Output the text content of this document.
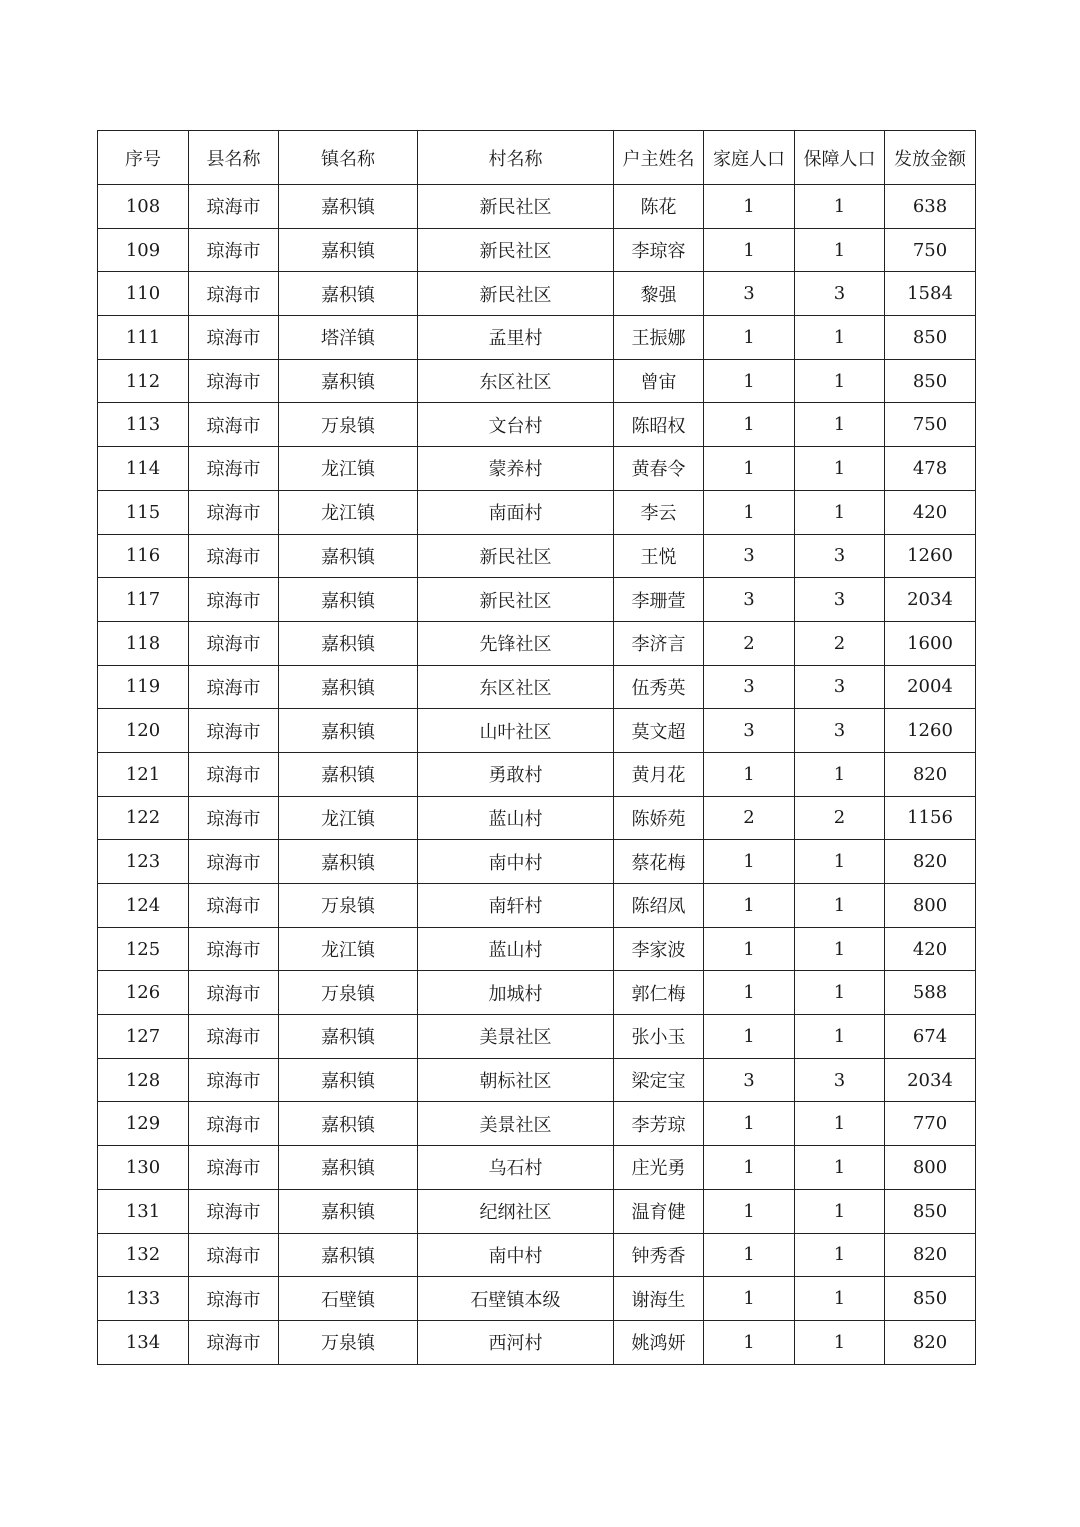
序号	县名称	镇名称	村名称	户主姓名	家庭人口	保障人口	发放金额
108	琼海市	嘉积镇	新民社区	陈花	1	1	638
109	琼海市	嘉积镇	新民社区	李琼容	1	1	750
110	琼海市	嘉积镇	新民社区	黎强	3	3	1584
111	琼海市	塔洋镇	孟里村	王振娜	1	1	850
112	琼海市	嘉积镇	东区社区	曾宙	1	1	850
113	琼海市	万泉镇	文台村	陈昭权	1	1	750
114	琼海市	龙江镇	蒙养村	黄春令	1	1	478
115	琼海市	龙江镇	南面村	李云	1	1	420
116	琼海市	嘉积镇	新民社区	王悦	3	3	1260
117	琼海市	嘉积镇	新民社区	李珊萱	3	3	2034
118	琼海市	嘉积镇	先锋社区	李济言	2	2	1600
119	琼海市	嘉积镇	东区社区	伍秀英	3	3	2004
120	琼海市	嘉积镇	山叶社区	莫文超	3	3	1260
121	琼海市	嘉积镇	勇敢村	黄月花	1	1	820
122	琼海市	龙江镇	蓝山村	陈娇苑	2	2	1156
123	琼海市	嘉积镇	南中村	蔡花梅	1	1	820
124	琼海市	万泉镇	南轩村	陈绍凤	1	1	800
125	琼海市	龙江镇	蓝山村	李家波	1	1	420
126	琼海市	万泉镇	加城村	郭仁梅	1	1	588
127	琼海市	嘉积镇	美景社区	张小玉	1	1	674
128	琼海市	嘉积镇	朝标社区	梁定宝	3	3	2034
129	琼海市	嘉积镇	美景社区	李芳琼	1	1	770
130	琼海市	嘉积镇	乌石村	庄光勇	1	1	800
131	琼海市	嘉积镇	纪纲社区	温育健	1	1	850
132	琼海市	嘉积镇	南中村	钟秀香	1	1	820
133	琼海市	石壁镇	石壁镇本级	谢海生	1	1	850
134	琼海市	万泉镇	西河村	姚鸿妍	1	1	820
